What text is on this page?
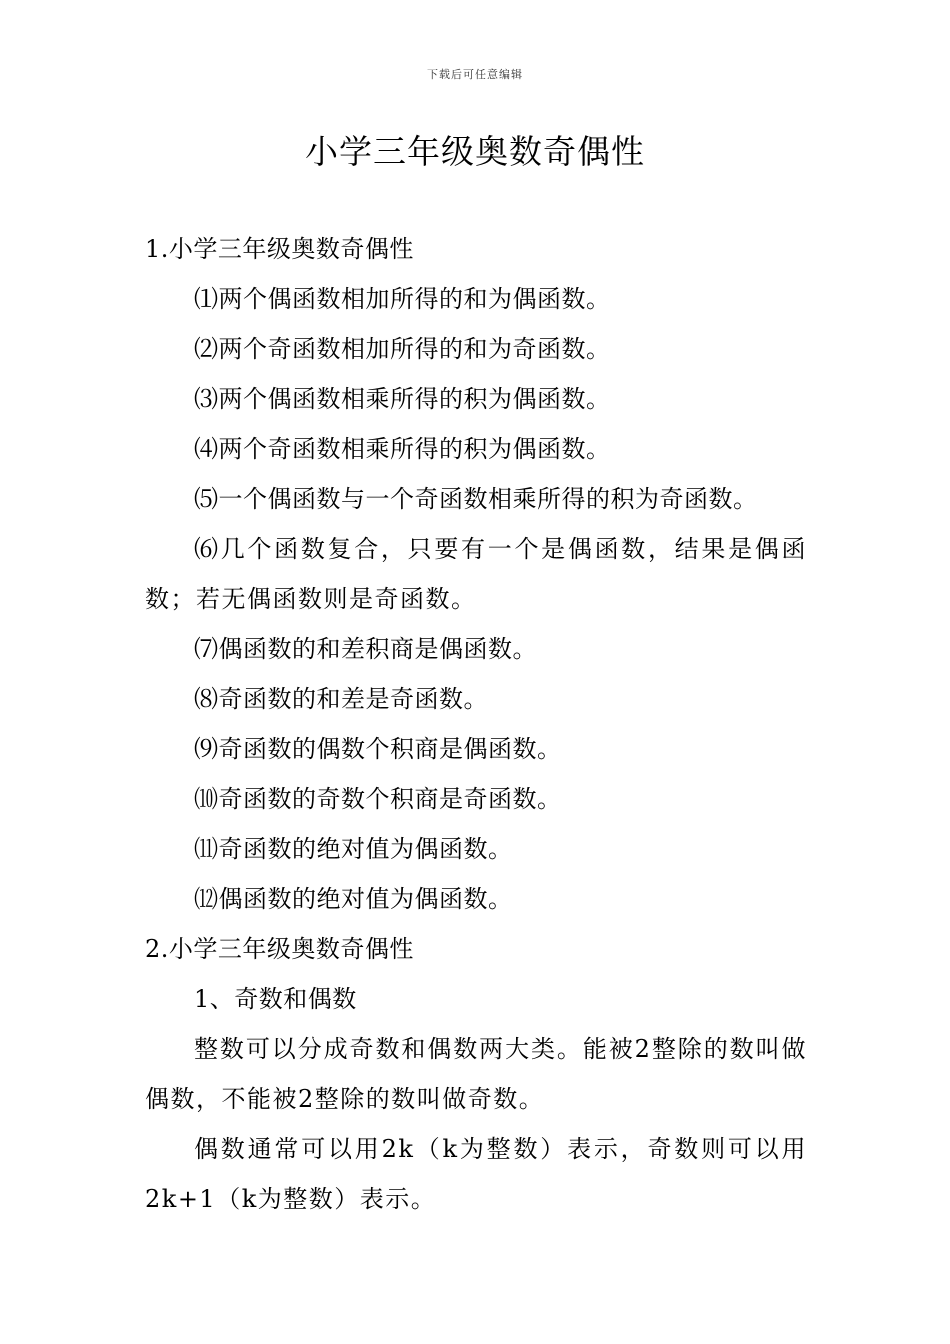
下载后可任意编辑
小学三年级奥数奇偶性
1.小学三年级奥数奇偶性
⑴两个偶函数相加所得的和为偶函数。
⑵两个奇函数相加所得的和为奇函数。
⑶两个偶函数相乘所得的积为偶函数。
⑷两个奇函数相乘所得的积为偶函数。
⑸一个偶函数与一个奇函数相乘所得的积为奇函数。
⑹几个函数复合，只要有一个是偶函数，结果是偶函数；若无偶函数则是奇函数。
⑺偶函数的和差积商是偶函数。
⑻奇函数的和差是奇函数。
⑼奇函数的偶数个积商是偶函数。
⑽奇函数的奇数个积商是奇函数。
⑾奇函数的绝对值为偶函数。
⑿偶函数的绝对值为偶函数。
2.小学三年级奥数奇偶性
1、奇数和偶数
整数可以分成奇数和偶数两大类。能被2整除的数叫做偶数，不能被2整除的数叫做奇数。
偶数通常可以用2k（k为整数）表示，奇数则可以用2k+1（k为整数）表示。
